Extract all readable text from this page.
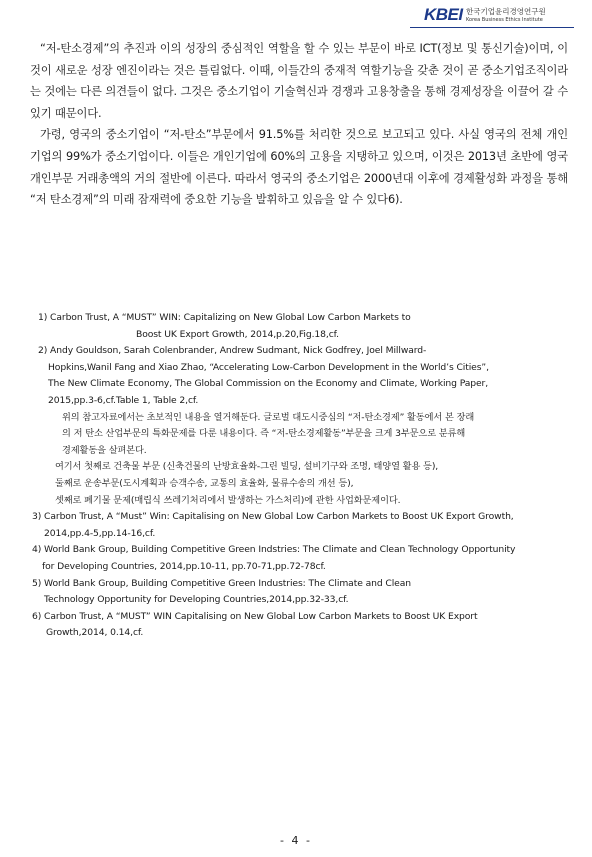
KBEI 한국기업윤리경영연구원
Korea Business Ethics Institute

“저-탄소경제”의 추진과 이의 성장의 중심적인 역할을 할 수 있는 부문이 바로 ICT(정보 및 통신기술)이며, 이것이 새로운 성장 엔진이라는 것은 틀림없다. 이때, 이들간의 중재적 역할기능을 갖춘 것이 곧 중소기업조직이라는 것에는 다른 의견들이 없다. 그것은 중소기업이 기술혁신과 경쟁과 고용창출을 통해 경제성장을 이끌어 갈 수 있기 때문이다.

가령, 영국의 중소기업이 “저-탄소”부문에서 91.5%를 처리한 것으로 보고되고 있다. 사실 영국의 전체 개인기업의 99%가 중소기업이다. 이들은 개인기업에 60%의 고용을 지탱하고 있으며, 이것은 2013년 초반에 영국 개인부문 거래총액의 거의 절반에 이른다. 따라서 영국의 중소기업은 2000년대 이후에 경제활성화 과정을 통해 “저 탄소경제”의 미래 잠재력에 중요한 기능을 발휘하고 있음을 알 수 있다6).

1) Carbon Trust, A “MUST” WIN: Capitalizing on New Global Low Carbon Markets to
Boost UK Export Growth, 2014,p.20,Fig.18,cf.
2) Andy Gouldson, Sarah Colenbrander, Andrew Sudmant, Nick Godfrey, Joel Millward-
Hopkins,Wanil Fang and Xiao Zhao, “Accelerating Low-Carbon Development in the World’s Cities”,
The New Climate Economy, The Global Commission on the Economy and Climate, Working Paper,
2015,pp.3-6,cf.Table 1, Table 2,cf.
위의 참고자료에서는 초보적인 내용을 열거해둔다. 글로벌 대도시중심의 “저-탄소경제” 활동에서 본 장래
의 저 탄소 산업부문의 특화문제를 다룬 내용이다. 즉 “저-탄소경제활동”부문을 크게 3부문으로 분류해
경제활동을 살펴본다.
여기서 첫째로 건축물 부문 (신축건물의 난방효율화-그린 빌딩, 설비기구와 조명, 태양열 활용 등),
둘째로 운송부문(도시계획과 승객수송, 교통의 효율화, 물류수송의 개선 등),
셋째로 폐기물 문제(매립식 쓰레기처리에서 발생하는 가스처리)에 관한 사업화문제이다.
3) Carbon Trust, A “Must” Win: Capitalising on New Global Low Carbon Markets to Boost UK Export Growth,
2014,pp.4-5,pp.14-16,cf.
4) World Bank Group, Building Competitive Green Indstries: The Climate and Clean Technology Opportunity
for Developing Countries, 2014,pp.10-11, pp.70-71,pp.72-78cf.
5) World Bank Group, Building Competitive Green Industries: The Climate and Clean
Technology Opportunity for Developing Countries,2014,pp.32-33,cf.
6) Carbon Trust, A “MUST” WIN Capitalising on New Global Low Carbon Markets to Boost UK Export
Growth,2014, 0.14,cf.
- 4 -
